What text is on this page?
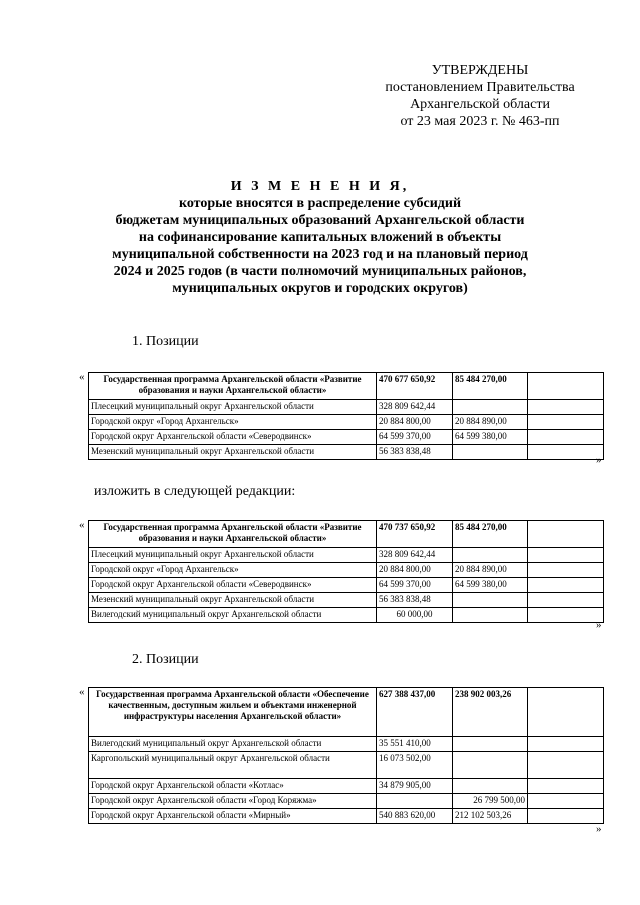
УТВЕРЖДЕНЫ
постановлением Правительства
Архангельской области
от 23 мая 2023 г. № 463-пп
И З М Е Н Е Н И Я,
которые вносятся в распределение субсидий
бюджетам муниципальных образований Архангельской области
на софинансирование капитальных вложений в объекты
муниципальной собственности на 2023 год и на плановый период
2024 и 2025 годов (в части полномочий муниципальных районов,
муниципальных округов и городских округов)
1. Позиции
« Государственная программа Архангельской области «Развитие образования и науки Архангельской области»	470 677 650,92	85 484 270,00	
Плесецкий муниципальный округ Архангельской области	328 809 642,44		
Городской округ «Город Архангельск»	20 884 800,00	20 884 890,00	
Городской округ Архангельской области «Северодвинск»	64 599 370,00	64 599 380,00	
Мезенский муниципальный округ Архангельской области	56 383 838,48		
»
изложить в следующей редакции:
« Государственная программа Архангельской области «Развитие образования и науки Архангельской области»	470 737 650,92	85 484 270,00	
Плесецкий муниципальный округ Архангельской области	328 809 642,44		
Городской округ «Город Архангельск»	20 884 800,00	20 884 890,00	
Городской округ Архангельской области «Северодвинск»	64 599 370,00	64 599 380,00	
Мезенский муниципальный округ Архангельской области	56 383 838,48		
Вилегодский муниципальный округ Архангельской области	60 000,00		
»
2. Позиции
« Государственная программа Архангельской области «Обеспечение качественным, доступным жильем и объектами инженерной инфраструктуры населения Архангельской области»	627 388 437,00	238 902 003,26	
Вилегодский муниципальный округ Архангельской области	35 551 410,00		
Каргопольский муниципальный округ Архангельской области	16 073 502,00		
Городской округ Архангельской области «Котлас»	34 879 905,00		
Городской округ Архангельской области «Город Коряжма»		26 799 500,00	
Городской округ Архангельской области «Мирный»	540 883 620,00	212 102 503,26	
»
